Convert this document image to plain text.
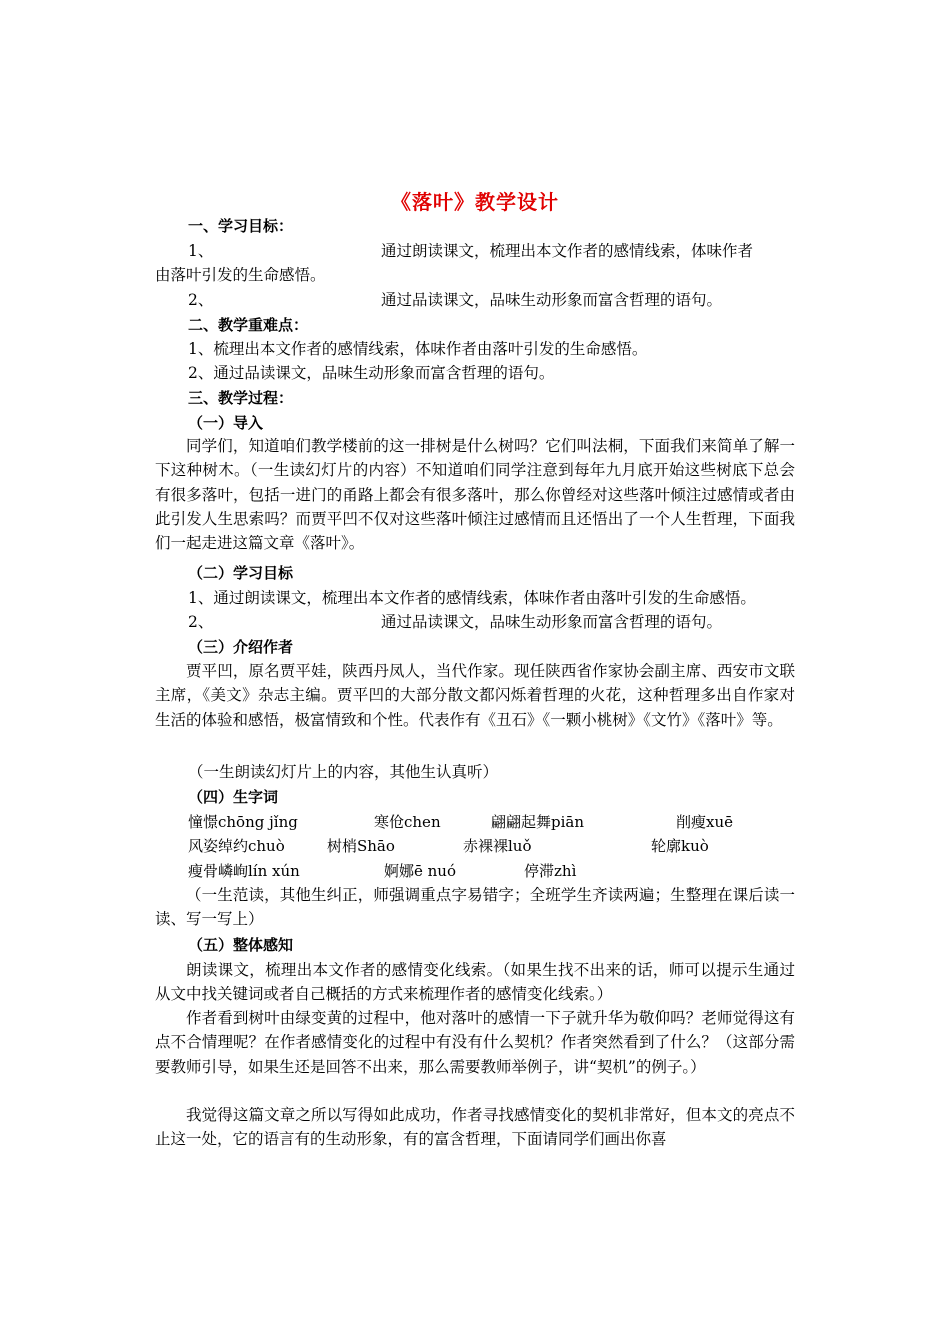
《落叶》教学设计
一、学习目标：
1、	通过朗读课文，梳理出本文作者的感情线索，体味作者
由落叶引发的生命感悟。
2、	通过品读课文，品味生动形象而富含哲理的语句。
二、教学重难点：
1、梳理出本文作者的感情线索，体味作者由落叶引发的生命感悟。
2、通过品读课文，品味生动形象而富含哲理的语句。
三、教学过程：
（一）导入
同学们，知道咱们教学楼前的这一排树是什么树吗？它们叫法桐，下面我们来简单了解一下这种树木。（一生读幻灯片的内容）不知道咱们同学注意到每年九月底开始这些树底下总会有很多落叶，包括一进门的甬路上都会有很多落叶，那么你曾经对这些落叶倾注过感情或者由此引发人生思索吗？而贾平凹不仅对这些落叶倾注过感情而且还悟出了一个人生哲理，下面我们一起走进这篇文章《落叶》。
（二）学习目标
1、通过朗读课文，梳理出本文作者的感情线索，体味作者由落叶引发的生命感悟。
2、	通过品读课文，品味生动形象而富含哲理的语句。
（三）介绍作者
贾平凹，原名贾平娃，陕西丹凤人，当代作家。现任陕西省作家协会副主席、西安市文联主席，《美文》杂志主编。贾平凹的大部分散文都闪烁着哲理的火花，这种哲理多出自作家对生活的体验和感悟，极富情致和个性。代表作有《丑石》《一颗小桃树》《文竹》《落叶》等。
（一生朗读幻灯片上的内容，其他生认真听）
（四）生字词
憧憬chōng jǐng	寒伧chen	翩翩起舞piān	削瘦xuē
风姿绰约chuò	树梢Shāo	赤裸裸luǒ	轮廓kuò
瘦骨嶙峋lín xún	婀娜ē nuó	停滞zhì
（一生范读，其他生纠正，师强调重点字易错字；全班学生齐读两遍；生整理在课后读一读、写一写上）
（五）整体感知
朗读课文，梳理出本文作者的感情变化线索。（如果生找不出来的话，师可以提示生通过从文中找关键词或者自己概括的方式来梳理作者的感情变化线索。）
作者看到树叶由绿变黄的过程中，他对落叶的感情一下子就升华为敬仰吗？老师觉得这有点不合情理呢？在作者感情变化的过程中有没有什么契机？作者突然看到了什么？（这部分需要教师引导，如果生还是回答不出来，那么需要教师举例子，讲“契机”的例子。）
我觉得这篇文章之所以写得如此成功，作者寻找感情变化的契机非常好，但本文的亮点不止这一处，它的语言有的生动形象，有的富含哲理，下面请同学们画出你喜
